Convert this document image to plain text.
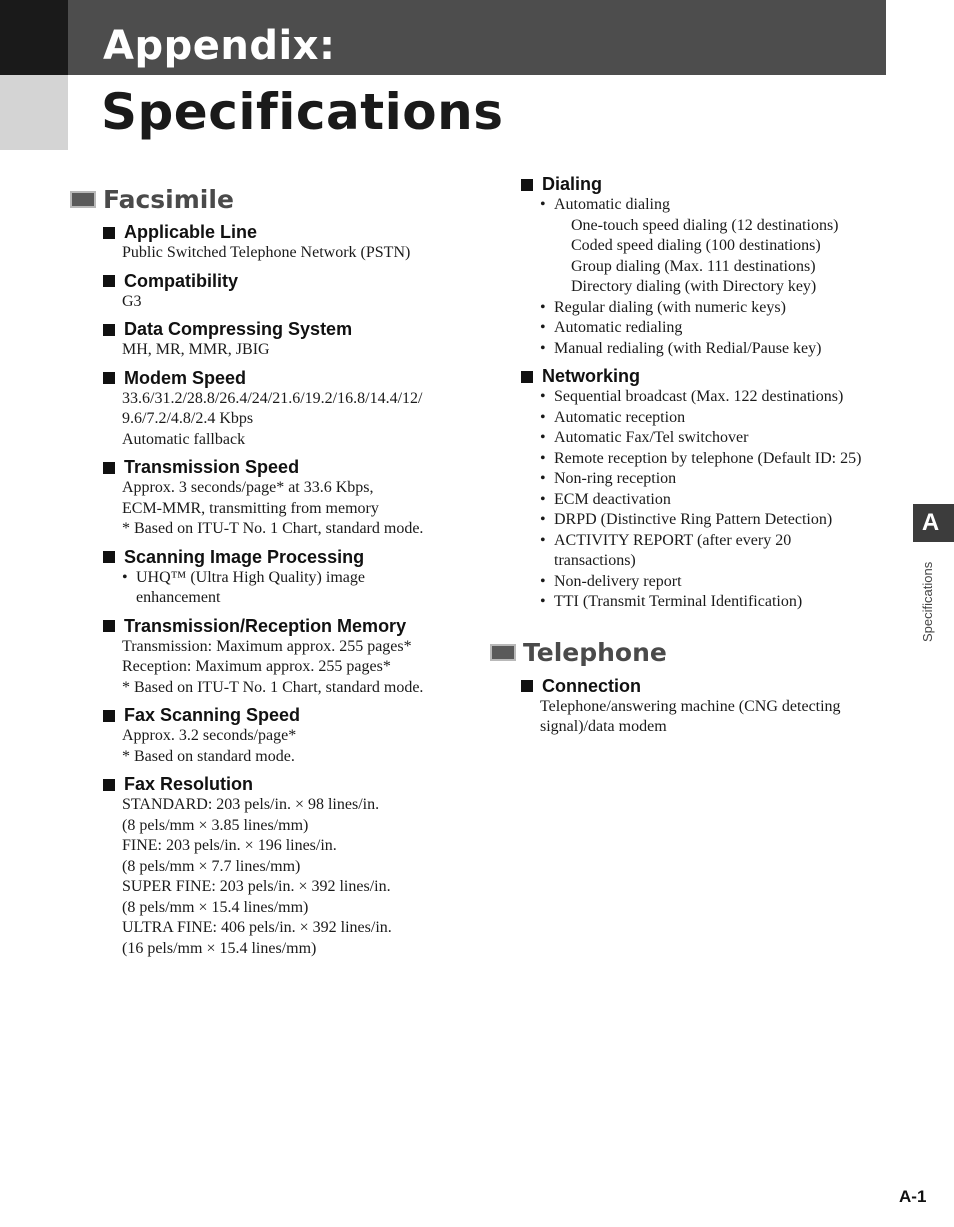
Appendix:
Specifications
Facsimile
Applicable Line
Public Switched Telephone Network (PSTN)
Compatibility
G3
Data Compressing System
MH, MR, MMR, JBIG
Modem Speed
33.6/31.2/28.8/26.4/24/21.6/19.2/16.8/14.4/12/
9.6/7.2/4.8/2.4 Kbps
Automatic fallback
Transmission Speed
Approx. 3 seconds/page* at 33.6 Kbps,
ECM-MMR, transmitting from memory
* Based on ITU-T No. 1 Chart, standard mode.
Scanning Image Processing
• UHQ™ (Ultra High Quality) image
enhancement
Transmission/Reception Memory
Transmission: Maximum approx. 255 pages*
Reception: Maximum approx. 255 pages*
* Based on ITU-T No. 1 Chart, standard mode.
Fax Scanning Speed
Approx. 3.2 seconds/page*
* Based on standard mode.
Fax Resolution
STANDARD: 203 pels/in. × 98 lines/in.
(8 pels/mm × 3.85 lines/mm)
FINE: 203 pels/in. × 196 lines/in.
(8 pels/mm × 7.7 lines/mm)
SUPER FINE: 203 pels/in. × 392 lines/in.
(8 pels/mm × 15.4 lines/mm)
ULTRA FINE: 406 pels/in. × 392 lines/in.
(16 pels/mm × 15.4 lines/mm)
Dialing
• Automatic dialing
One-touch speed dialing (12 destinations)
Coded speed dialing (100 destinations)
Group dialing (Max. 111 destinations)
Directory dialing (with Directory key)
• Regular dialing (with numeric keys)
• Automatic redialing
• Manual redialing (with Redial/Pause key)
Networking
• Sequential broadcast (Max. 122 destinations)
• Automatic reception
• Automatic Fax/Tel switchover
• Remote reception by telephone (Default ID: 25)
• Non-ring reception
• ECM deactivation
• DRPD (Distinctive Ring Pattern Detection)
• ACTIVITY REPORT (after every 20
transactions)
• Non-delivery report
• TTI (Transmit Terminal Identification)
Telephone
Connection
Telephone/answering machine (CNG detecting
signal)/data modem
A
Specifications
A-1
